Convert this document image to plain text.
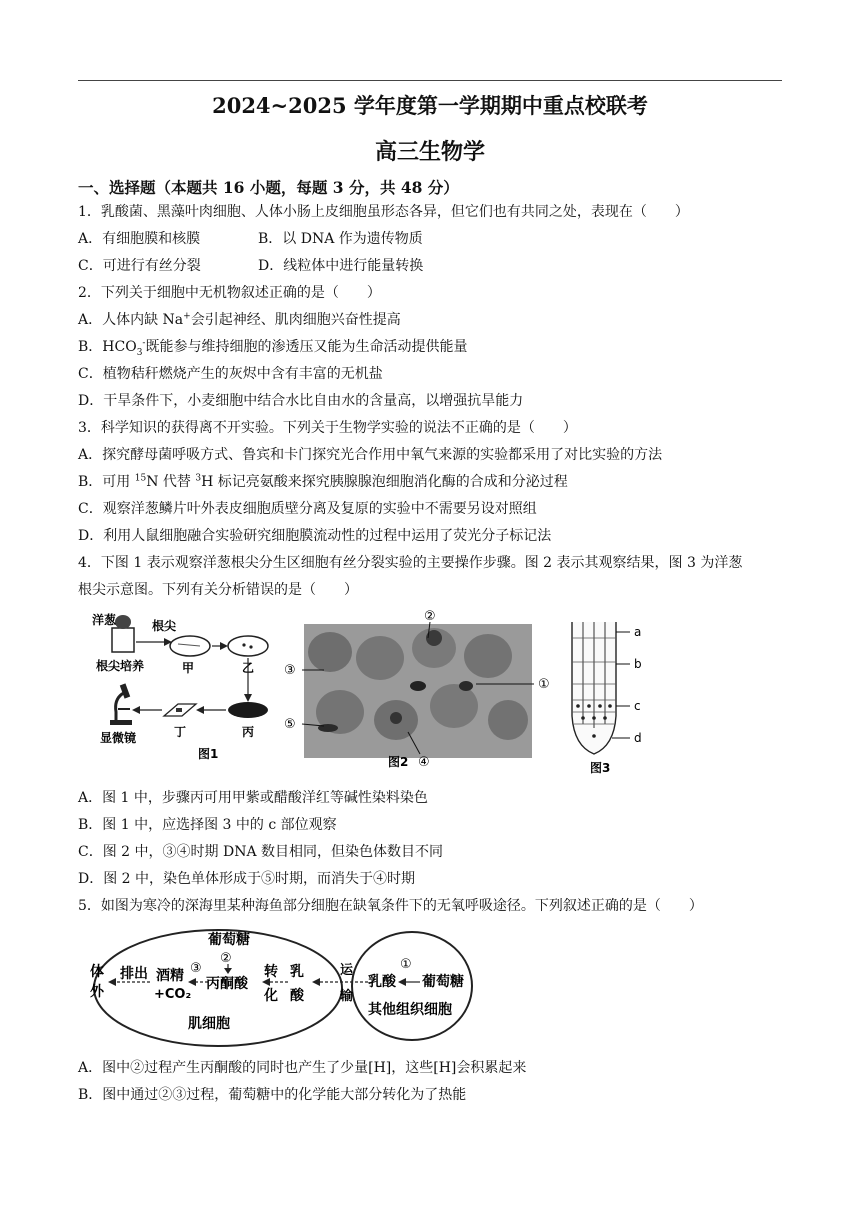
2024~2025 学年度第一学期期中重点校联考
高三生物学
一、选择题（本题共 16 小题，每题 3 分，共 48 分）
1．乳酸菌、黑藻叶肉细胞、人体小肠上皮细胞虽形态各异，但它们也有共同之处，表现在（　　）
A．有细胞膜和核膜	B．以 DNA 作为遗传物质
C．可进行有丝分裂	D．线粒体中进行能量转换
2．下列关于细胞中无机物叙述正确的是（　　）
A．人体内缺 Na+会引起神经、肌肉细胞兴奋性提高
B．$HCO_3^-$既能参与维持细胞的渗透压又能为生命活动提供能量
C．植物秸秆燃烧产生的灰烬中含有丰富的无机盐
D．干旱条件下，小麦细胞中结合水比自由水的含量高，以增强抗旱能力
3．科学知识的获得离不开实验。下列关于生物学实验的说法不正确的是（　　）
A．探究酵母菌呼吸方式、鲁宾和卡门探究光合作用中氧气来源的实验都采用了对比实验的方法
B．可用 $^{15}$N 代替 $^3$H 标记亮氨酸来探究胰腺腺泡细胞消化酶的合成和分泌过程
C．观察洋葱鳞片叶外表皮细胞质壁分离及复原的实验中不需要另设对照组
D．利用人鼠细胞融合实验研究细胞膜流动性的过程中运用了荧光分子标记法
4．下图 1 表示观察洋葱根尖分生区细胞有丝分裂实验的主要操作步骤。图 2 表示其观察结果，图 3 为洋葱
根尖示意图。下列有关分析错误的是（　　）
洋葱
根尖培养
根尖
甲	乙
丙
丁
显微镜
图1
②
③
⑤
①
④
图2
a
b
c
d
图3
A．图 1 中，步骤丙可用甲紫或醋酸洋红等碱性染料染色
B．图 1 中，应选择图 3 中的 c 部位观察
C．图 2 中，③④时期 DNA 数目相同，但染色体数目不同
D．图 2 中，染色单体形成于⑤时期，而消失于④时期
5．如图为寒冷的深海里某种海鱼部分细胞在缺氧条件下的无氧呼吸途径。下列叙述正确的是（　　）
体
外
排出 酒精
+CO₂
③
丙酮酸
葡萄糖
②
转
化
乳
酸
肌细胞
运
输
乳酸
①
葡萄糖
其他组织细胞
A．图中②过程产生丙酮酸的同时也产生了少量[H]，这些[H]会积累起来
B．图中通过②③过程，葡萄糖中的化学能大部分转化为了热能
